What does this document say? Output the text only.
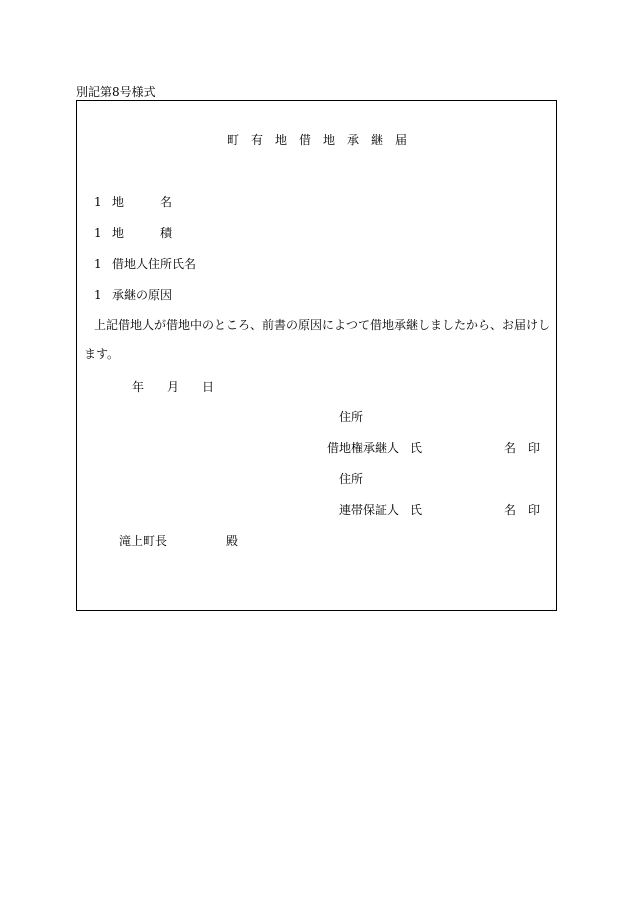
別記第8号様式
町有地借地承継届
1 地　　　名
1 地　　　積
1 借地人住所氏名
1 承継の原因
上記借地人が借地中のところ、前書の原因によつて借地承継しましたから、お届けします。
年 月 日
住所
借地権承継人 氏	名 印
住所
連帯保証人 氏	名 印
滝上町長	殿
